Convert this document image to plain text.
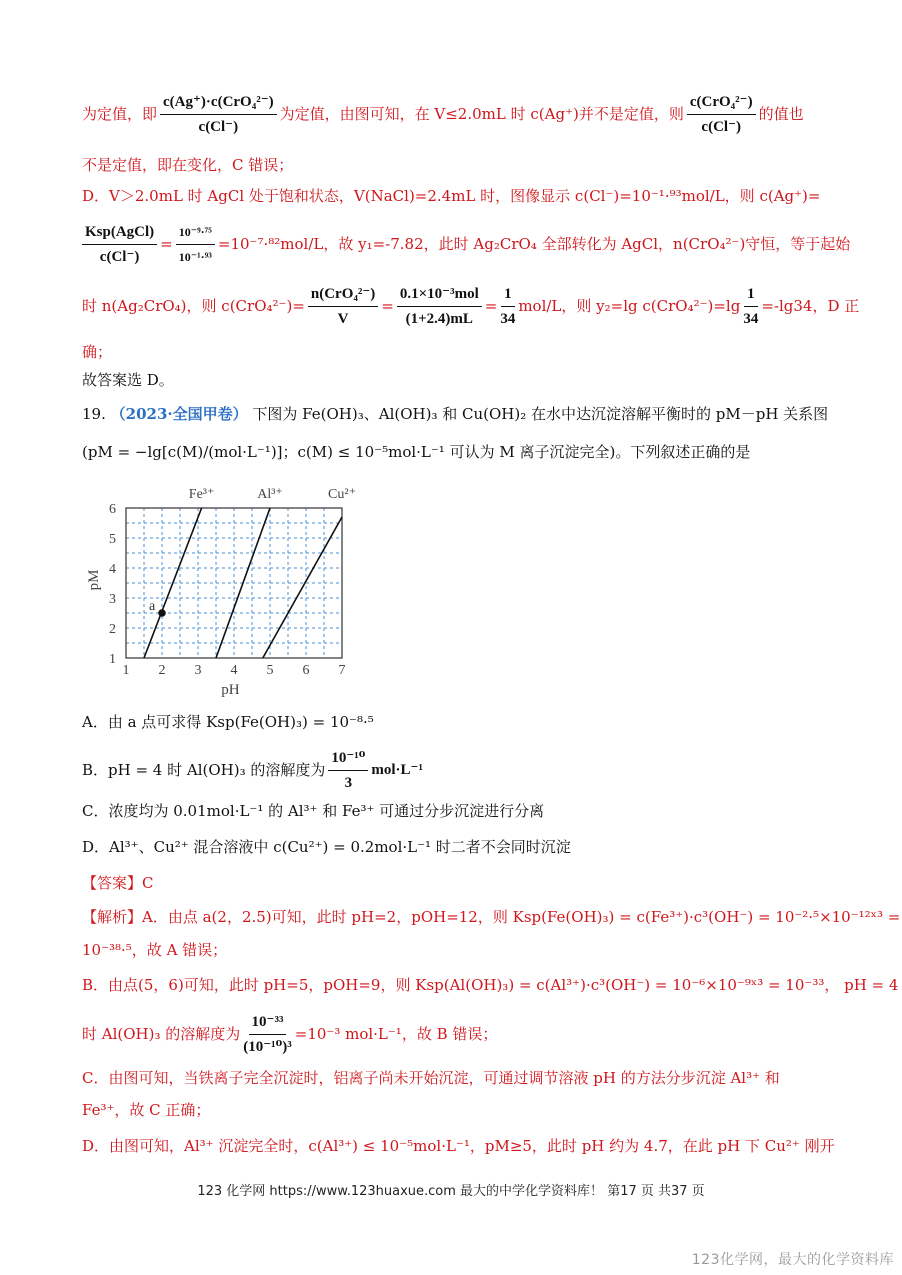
为定值，即 $\frac{\text{c(Ag⁺)·c(CrO₄²⁻)}}{c(Cl^-)}$ 为定值，由图可知，在 V≤2.0mL 时 c(Ag⁺)并不是定值，则 $\frac{\text{c(CrO₄²⁻)}}{c(Cl^-)}$ 的值也
不是定值，即在变化，C 错误；
D．V＞2.0mL 时 AgCl 处于饱和状态，V(NaCl)=2.4mL 时，图像显示 c(Cl⁻)=10⁻¹·⁹³mol/L，则 c(Ag⁺)=
$\frac{\text{Ksp(AgCl)}}{c(Cl^-)} = \frac{\text{10⁻⁹·⁷⁵}}{\text{10⁻¹·⁹³}} =10^{-7}\cdot^{82}mol/L$，故 y₁=-7.82，此时 Ag₂CrO₄ 全部转化为 AgCl，n(CrO₄²⁻)守恒，等于起始
时 n(Ag₂CrO₄)，则 $c(CrO_4^{2-})= \frac{\text{n(CrO₄²⁻)}}{V} = \frac{\text{0.1×10⁻³mol}}{(1+2.4)mL} = \frac{1}{34} mol/L$，则 y₂=lg $c(CrO_4^{2-})=\lg \frac{1}{34} =-\lg 34$，D 正
确；
故答案选 D。
19. （2023·全国甲卷） 下图为 Fe(OH)₃、Al(OH)₃ 和 Cu(OH)₂ 在水中达沉淀溶解平衡时的 pM－pH 关系图
(pM = −lg[c(M)/(mol·L⁻¹)]；c(M) ≤ 10⁻⁵mol·L⁻¹ 可认为 M 离子沉淀完全)。下列叙述正确的是
1 2 3 4 5 6 7
1
2
3
4
5
6
pH
pM
Fe³⁺	Al³⁺	Cu²⁺
a
A．由 a 点可求得 Ksp(Fe(OH)₃) = 10⁻⁸·⁵
B．pH = 4 时 Al(OH)₃ 的溶解度为 $\frac{\text{10⁻¹⁰}}{3} mol\cdot L^{-1}$
C．浓度均为 0.01mol·L⁻¹ 的 Al³⁺ 和 Fe³⁺ 可通过分步沉淀进行分离
D．Al³⁺、Cu²⁺ 混合溶液中 c(Cu²⁺) = 0.2mol·L⁻¹ 时二者不会同时沉淀
【答案】C
【解析】A．由点 a(2，2.5)可知，此时 pH=2，pOH=12，则 Ksp(Fe(OH)₃) = c(Fe³⁺)·c³(OH⁻) = 10⁻²·⁵×10⁻¹²ˣ³ =
10⁻³⁸·⁵，故 A 错误；
B．由点(5，6)可知，此时 pH=5，pOH=9，则 Ksp(Al(OH)₃) = c(Al³⁺)·c³(OH⁻) = 10⁻⁶×10⁻⁹ˣ³ = 10⁻³³， pH = 4
时 Al(OH)₃ 的溶解度为 $\frac{\text{10⁻³³}}{\text{(10⁻¹⁰)³}} =10^{-3}$ mol·L⁻¹，故 B 错误；
C．由图可知，当铁离子完全沉淀时，铝离子尚未开始沉淀，可通过调节溶液 pH 的方法分步沉淀 Al³⁺ 和
Fe³⁺，故 C 正确；
D．由图可知，Al³⁺ 沉淀完全时，c(Al³⁺) ≤ 10⁻⁵mol·L⁻¹，pM≥5，此时 pH 约为 4.7，在此 pH 下 Cu²⁺ 刚开
123 化学网 https://www.123huaxue.com 最大的中学化学资料库！ 第17 页 共37 页
123化学网，最大的化学资料库
